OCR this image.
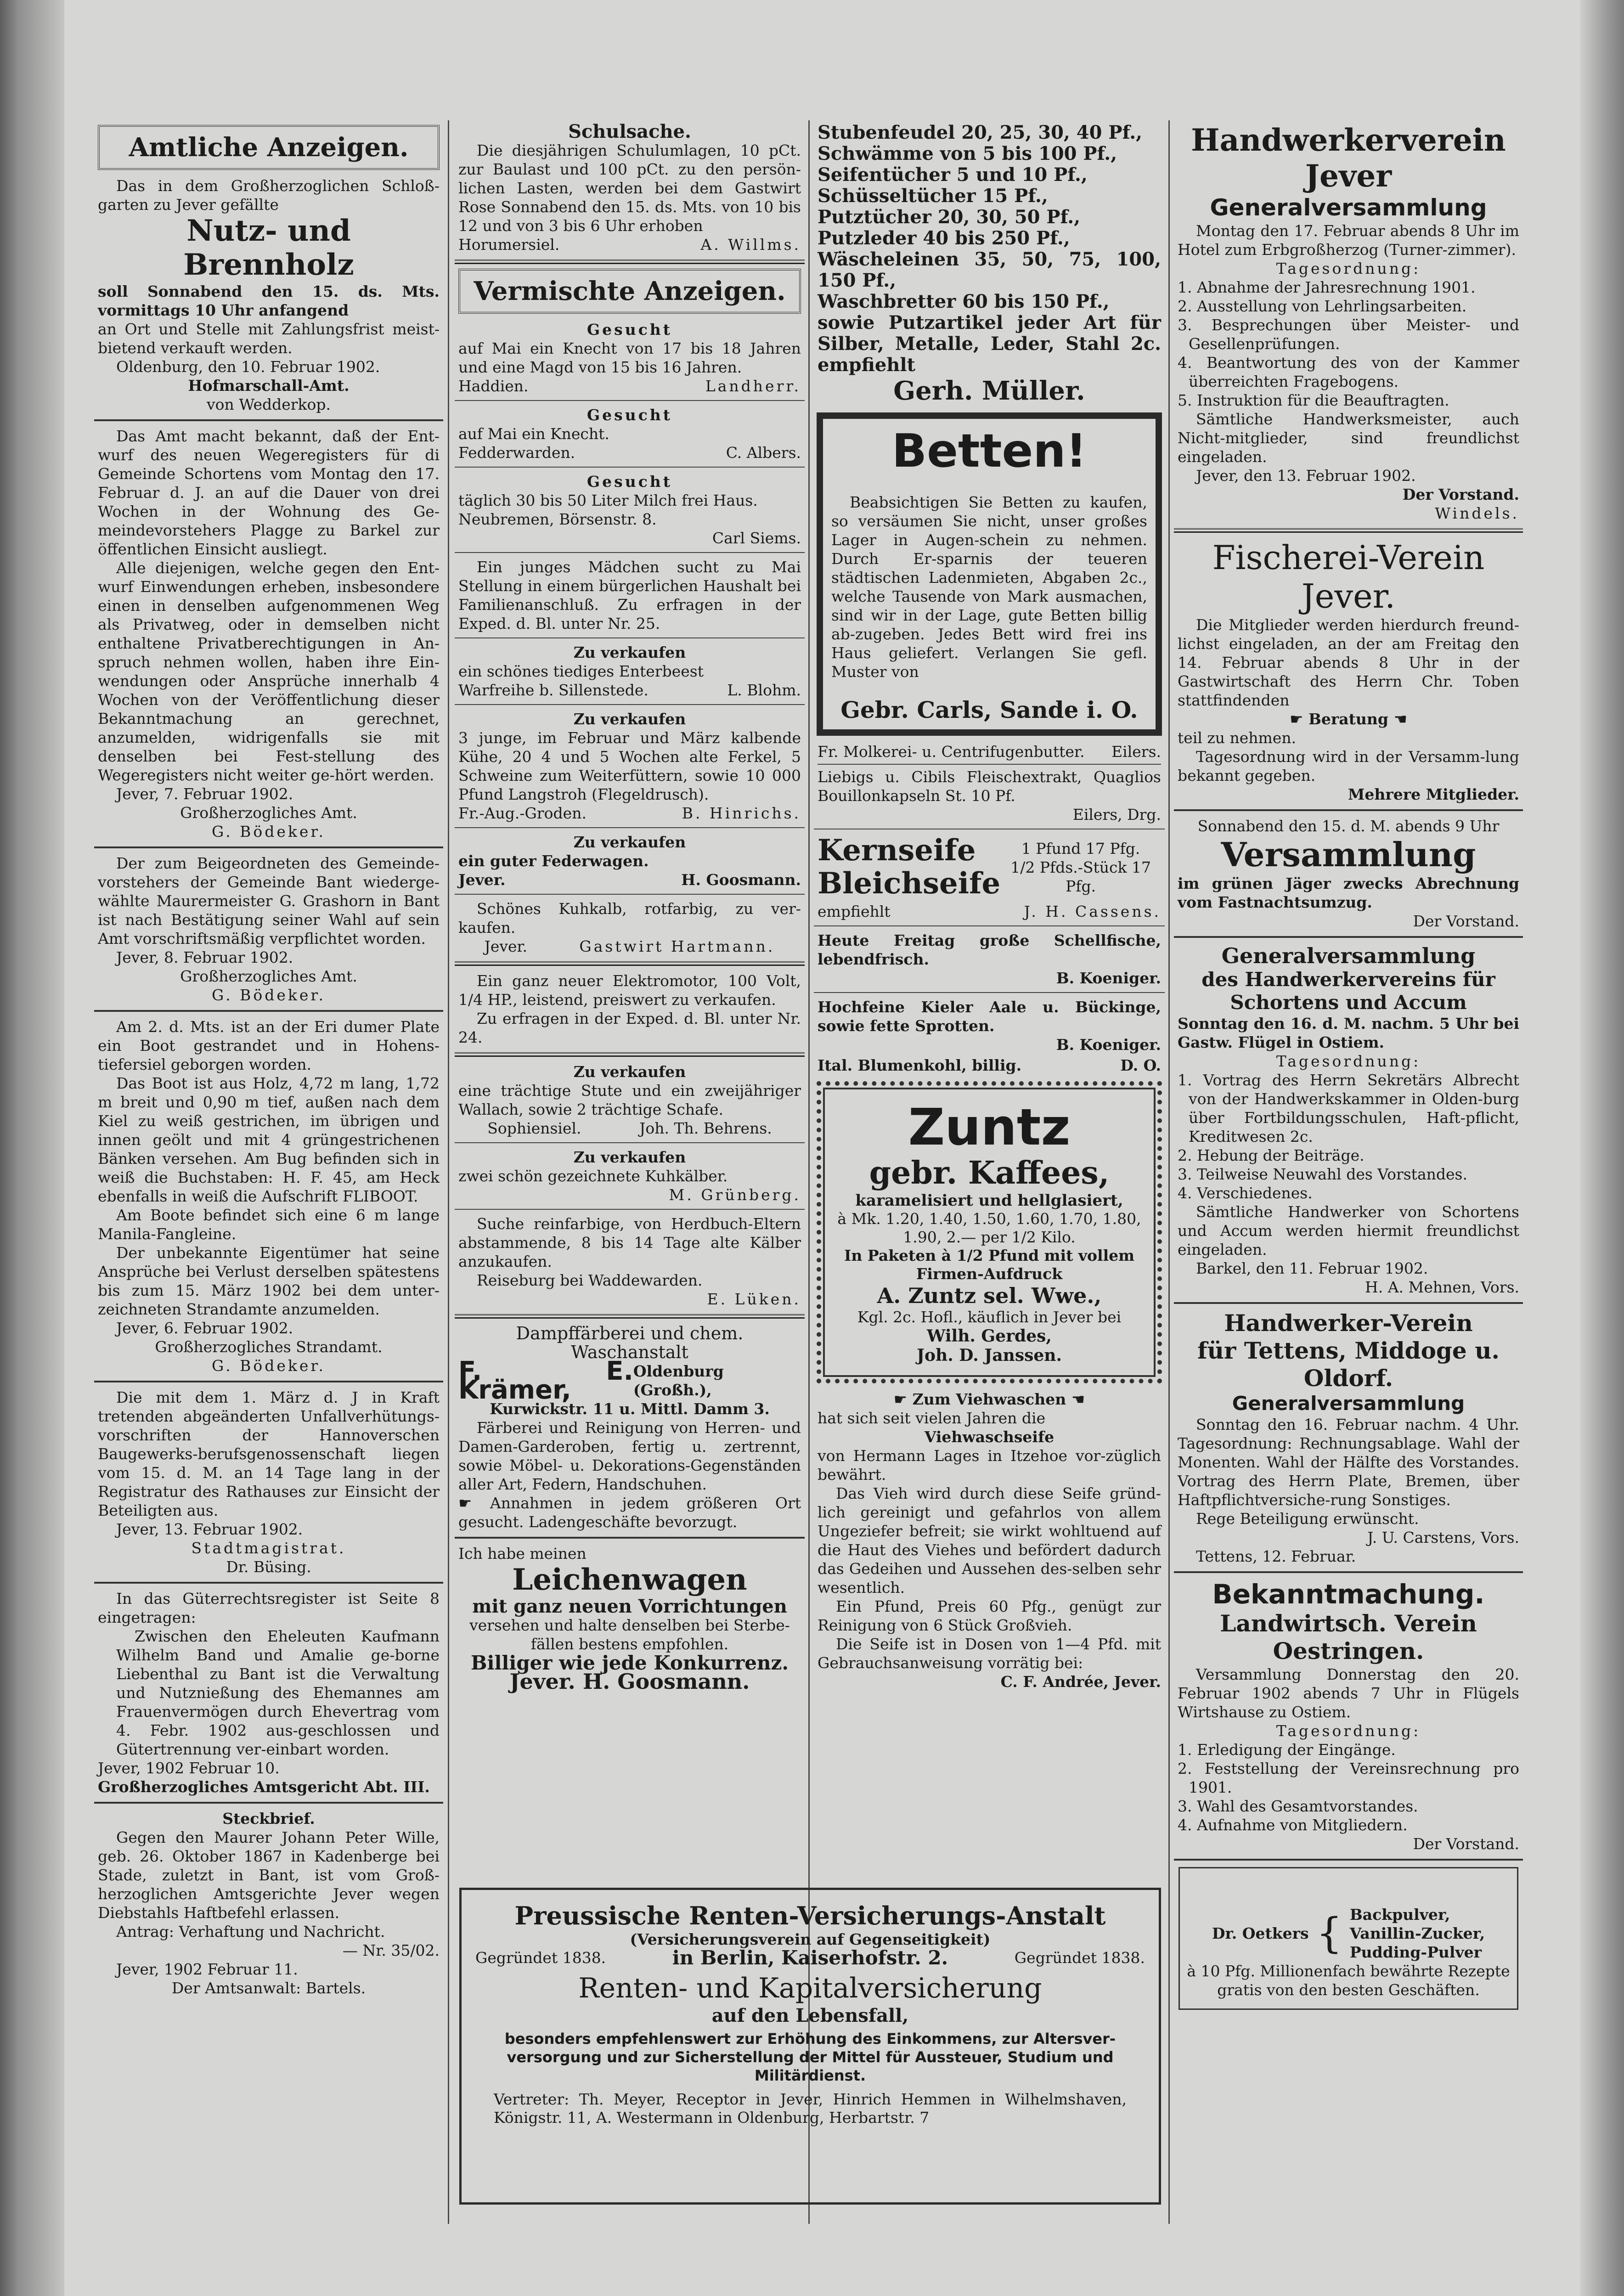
Amtliche Anzeigen.

Das in dem Großherzoglichen Schloß-garten zu Jever gefällte

Nutz- und Brennholz

soll Sonnabend den 15. ds. Mts. vormittags 10 Uhr anfangend

an Ort und Stelle mit Zahlungsfrist meist-bietend verkauft werden.

Oldenburg, den 10. Februar 1902.

Hofmarschall-Amt.

von Wedderkop.

Das Amt macht bekannt, daß der Ent-wurf des neuen Wegeregisters für di Gemeinde Schortens vom Montag den 17. Februar d. J. an auf die Dauer von drei Wochen in der Wohnung des Ge-meindevorstehers Plagge zu Barkel zur öffentlichen Einsicht ausliegt.

Alle diejenigen, welche gegen den Ent-wurf Einwendungen erheben, insbesondere einen in denselben aufgenommenen Weg als Privatweg, oder in demselben nicht enthaltene Privatberechtigungen in An-spruch nehmen wollen, haben ihre Ein-wendungen oder Ansprüche innerhalb 4 Wochen von der Veröffentlichung dieser Bekanntmachung an gerechnet, anzumelden, widrigenfalls sie mit denselben bei Fest-stellung des Wegeregisters nicht weiter ge-hört werden.

Jever, 7. Februar 1902.

Großherzogliches Amt.

G. Bödeker.

Der zum Beigeordneten des Gemeinde-vorstehers der Gemeinde Bant wiederge-wählte Maurermeister G. Grashorn in Bant ist nach Bestätigung seiner Wahl auf sein Amt vorschriftsmäßig verpflichtet worden.

Jever, 8. Februar 1902.

Großherzogliches Amt.

G. Bödeker.

Am 2. d. Mts. ist an der Eri dumer Plate ein Boot gestrandet und in Hohens-tiefersiel geborgen worden.

Das Boot ist aus Holz, 4,72 m lang, 1,72 m breit und 0,90 m tief, außen nach dem Kiel zu weiß gestrichen, im übrigen und innen geölt und mit 4 grüngestrichenen Bänken versehen. Am Bug befinden sich in weiß die Buchstaben: H. F. 45, am Heck ebenfalls in weiß die Aufschrift FLIBOOT.

Am Boote befindet sich eine 6 m lange Manila-Fangleine.

Der unbekannte Eigentümer hat seine Ansprüche bei Verlust derselben spätestens bis zum 15. März 1902 bei dem unter-zeichneten Strandamte anzumelden.

Jever, 6. Februar 1902.

Großherzogliches Strandamt.

G. Bödeker.

Die mit dem 1. März d. J in Kraft tretenden abgeänderten Unfallverhütungs-vorschriften der Hannoverschen Baugewerks-berufsgenossenschaft liegen vom 15. d. M. an 14 Tage lang in der Registratur des Rathauses zur Einsicht der Beteiligten aus.

Jever, 13. Februar 1902.

Stadtmagistrat.

Dr. Büsing.

In das Güterrechtsregister ist Seite 8 eingetragen:

Zwischen den Eheleuten Kaufmann Wilhelm Band und Amalie ge-borne Liebenthal zu Bant ist die Verwaltung und Nutznießung des Ehemannes am Frauenvermögen durch Ehevertrag vom 4. Febr. 1902 aus-geschlossen und Gütertrennung ver-einbart worden.

Jever, 1902 Februar 10.

Großherzogliches Amtsgericht Abt. III.

Steckbrief.

Gegen den Maurer Johann Peter Wille, geb. 26. Oktober 1867 in Kadenberge bei Stade, zuletzt in Bant, ist vom Groß-herzoglichen Amtsgerichte Jever wegen Diebstahls Haftbefehl erlassen.

Antrag: Verhaftung und Nachricht.

— Nr. 35/02.

Jever, 1902 Februar 11.

Der Amtsanwalt: Bartels.

Schulsache.

Die diesjährigen Schulumlagen, 10 pCt. zur Baulast und 100 pCt. zu den persön-lichen Lasten, werden bei dem Gastwirt Rose Sonnabend den 15. ds. Mts. von 10 bis 12 und von 3 bis 6 Uhr erhoben

Horumersiel.	A. Willms.

Vermischte Anzeigen.

Gesucht

auf Mai ein Knecht von 17 bis 18 Jahren und eine Magd von 15 bis 16 Jahren.

Haddien.	Landherr.

Gesucht

auf Mai ein Knecht.

Fedderwarden.	C. Albers.

Gesucht

täglich 30 bis 50 Liter Milch frei Haus.

Neubremen, Börsenstr. 8.

Carl Siems.

Ein junges Mädchen sucht zu Mai Stellung in einem bürgerlichen Haushalt bei Familienanschluß. Zu erfragen in der Exped. d. Bl. unter Nr. 25.

Zu verkaufen

ein schönes tiediges Enterbeest

Warfreihe b. Sillenstede.	L. Blohm.

Zu verkaufen

3 junge, im Februar und März kalbende Kühe, 20 4 und 5 Wochen alte Ferkel, 5 Schweine zum Weiterfüttern, sowie 10 000 Pfund Langstroh (Flegeldrusch).

Fr.-Aug.-Groden.	B. Hinrichs.

Zu verkaufen

ein guter Federwagen.

Jever.	H. Goosmann.

Schönes Kuhkalb, rotfarbig, zu ver-kaufen.

Jever.	Gastwirt Hartmann.

Ein ganz neuer Elektromotor, 100 Volt, 1/4 HP., leistend, preiswert zu verkaufen.

Zu erfragen in der Exped. d. Bl. unter Nr. 24.

Zu verkaufen

eine trächtige Stute und ein zweijähriger Wallach, sowie 2 trächtige Schafe.

Sophiensiel.	Joh. Th. Behrens.

Zu verkaufen

zwei schön gezeichnete Kuhkälber.

M. Grünberg.

Suche reinfarbige, von Herdbuch-Eltern abstammende, 8 bis 14 Tage alte Kälber anzukaufen.

Reiseburg bei Waddewarden.

E. Lüken.

Dampffärberei und chem. Waschanstalt

F. E. Krämer,
Oldenburg (Großh.),

Kurwickstr. 11 u. Mittl. Damm 3.

Färberei und Reinigung von Herren- und Damen-Garderoben, fertig u. zertrennt, sowie Möbel- u. Dekorations-Gegenständen aller Art, Federn, Handschuhen.

☛ Annahmen in jedem größeren Ort gesucht. Ladengeschäfte bevorzugt.

Ich habe meinen

Leichenwagen

mit ganz neuen Vorrichtungen

versehen und halte denselben bei Sterbe-fällen bestens empfohlen.

Billiger wie jede Konkurrenz.

Jever. H. Goosmann.

Stubenfeudel 20, 25, 30, 40 Pf.,

Schwämme von 5 bis 100 Pf.,

Seifentücher 5 und 10 Pf.,

Schüsseltücher 15 Pf.,

Putztücher 20, 30, 50 Pf.,

Putzleder 40 bis 250 Pf.,

Wäscheleinen 35, 50, 75, 100, 150 Pf.,

Waschbretter 60 bis 150 Pf.,

sowie Putzartikel jeder Art für Silber, Metalle, Leder, Stahl 2c. empfiehlt

Gerh. Müller.

Betten!

Beabsichtigen Sie Betten zu kaufen, so versäumen Sie nicht, unser großes Lager in Augen-schein zu nehmen. Durch Er-sparnis der teueren städtischen Ladenmieten, Abgaben 2c., welche Tausende von Mark ausmachen, sind wir in der Lage, gute Betten billig ab-zugeben. Jedes Bett wird frei ins Haus geliefert. Verlangen Sie gefl. Muster von

Gebr. Carls, Sande i. O.

Fr. Molkerei- u. Centrifugenbutter. Eilers.

Liebigs u. Cibils Fleischextrakt, Quaglios Bouillonkapseln St. 10 Pf.

Eilers, Drg.

Kernseife

Bleichseife

1 Pfund 17 Pfg.

1/2 Pfds.-Stück 17 Pfg.

empfiehlt	J. H. Cassens.

Heute Freitag große Schellfische, lebendfrisch.

B. Koeniger.

Hochfeine Kieler Aale u. Bückinge, sowie fette Sprotten.

B. Koeniger.

Ital. Blumenkohl, billig.	D. O.

Zuntz

gebr. Kaffees,

karamelisiert und hellglasiert,

à Mk. 1.20, 1.40, 1.50, 1.60, 1.70, 1.80, 1.90, 2.— per 1/2 Kilo.

In Paketen à 1/2 Pfund mit vollem Firmen-Aufdruck

A. Zuntz sel. Wwe.,

Kgl. 2c. Hofl., käuflich in Jever bei

Wilh. Gerdes,

Joh. D. Janssen.

☛ Zum Viehwaschen ☚

hat sich seit vielen Jahren die

Viehwaschseife

von Hermann Lages in Itzehoe vor-züglich bewährt.

Das Vieh wird durch diese Seife gründ-lich gereinigt und gefahrlos von allem Ungeziefer befreit; sie wirkt wohltuend auf die Haut des Viehes und befördert dadurch das Gedeihen und Aussehen des-selben sehr wesentlich.

Ein Pfund, Preis 60 Pfg., genügt zur Reinigung von 6 Stück Großvieh.

Die Seife ist in Dosen von 1—4 Pfd. mit Gebrauchsanweisung vorrätig bei:

C. F. Andrée, Jever.

Handwerkerverein Jever

Generalversammlung

Montag den 17. Februar abends 8 Uhr im Hotel zum Erbgroßherzog (Turner-zimmer).

Tagesordnung:

1. Abnahme der Jahresrechnung 1901.

2. Ausstellung von Lehrlingsarbeiten.

3. Besprechungen über Meister- und Gesellenprüfungen.

4. Beantwortung des von der Kammer überreichten Fragebogens.

5. Instruktion für die Beauftragten.

Sämtliche Handwerksmeister, auch Nicht-mitglieder, sind freundlichst eingeladen.

Jever, den 13. Februar 1902.

Der Vorstand.

Windels.

Fischerei-Verein Jever.

Die Mitglieder werden hierdurch freund-lichst eingeladen, an der am Freitag den 14. Februar abends 8 Uhr in der Gastwirtschaft des Herrn Chr. Toben stattfindenden

☛ Beratung ☚

teil zu nehmen.

Tagesordnung wird in der Versamm-lung bekannt gegeben.

Mehrere Mitglieder.

Sonnabend den 15. d. M. abends 9 Uhr

Versammlung

im grünen Jäger zwecks Abrechnung vom Fastnachtsumzug.

Der Vorstand.

Generalversammlung

des Handwerkervereins für Schortens und Accum

Sonntag den 16. d. M. nachm. 5 Uhr bei Gastw. Flügel in Ostiem.

Tagesordnung:

1. Vortrag des Herrn Sekretärs Albrecht von der Handwerkskammer in Olden-burg über Fortbildungsschulen, Haft-pflicht, Kreditwesen 2c.

2. Hebung der Beiträge.

3. Teilweise Neuwahl des Vorstandes.

4. Verschiedenes.

Sämtliche Handwerker von Schortens und Accum werden hiermit freundlichst eingeladen.

Barkel, den 11. Februar 1902.

H. A. Mehnen, Vors.

Handwerker-Verein

für Tettens, Middoge u. Oldorf.

Generalversammlung

Sonntag den 16. Februar nachm. 4 Uhr. Tagesordnung: Rechnungsablage. Wahl der Monenten. Wahl der Hälfte des Vorstandes. Vortrag des Herrn Plate, Bremen, über Haftpflichtversiche-rung Sonstiges.

Rege Beteiligung erwünscht.

J. U. Carstens, Vors.

Tettens, 12. Februar.

Bekanntmachung.

Landwirtsch. Verein Oestringen.

Versammlung Donnerstag den 20. Februar 1902 abends 7 Uhr in Flügels Wirtshause zu Ostiem.

Tagesordnung:

1. Erledigung der Eingänge.

2. Feststellung der Vereinsrechnung pro 1901.

3. Wahl des Gesamtvorstandes.

4. Aufnahme von Mitgliedern.

Der Vorstand.

Dr. Oetkers { Backpulver,

Vanillin-Zucker,

Pudding-Pulver

à 10 Pfg. Millionenfach bewährte Rezepte gratis von den besten Geschäften.

Preussische Renten-Versicherungs-Anstalt

(Versicherungsverein auf Gegenseitigkeit)

Gegründet 1838.	in Berlin, Kaiserhofstr. 2.	Gegründet 1838.

Renten- und Kapitalversicherung

auf den Lebensfall,

besonders empfehlenswert zur Erhöhung des Einkommens, zur Altersver-versorgung und zur Sicherstellung der Mittel für Aussteuer, Studium und Militärdienst.

Vertreter: Th. Meyer, Receptor in Jever, Hinrich Hemmen in Wilhelmshaven, Königstr. 11, A. Westermann in Oldenburg, Herbartstr. 7
